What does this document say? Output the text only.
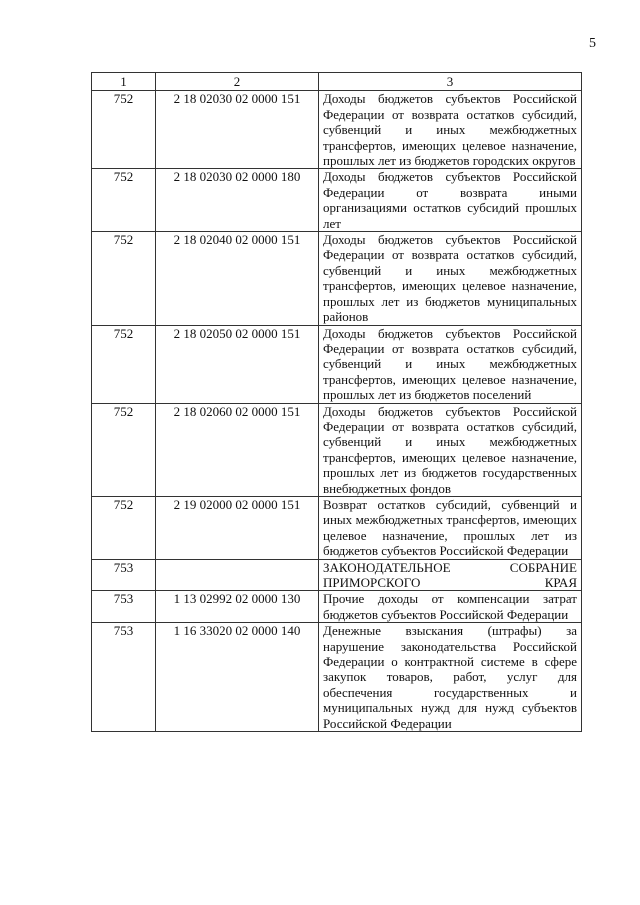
5
1	2	3
752	2 18 02030 02 0000 151	Доходы бюджетов субъектов Российской Федерации от возврата остатков субсидий, субвенций и иных межбюджетных трансфертов, имеющих целевое назначение, прошлых лет из бюджетов городских округов
752	2 18 02030 02 0000 180	Доходы бюджетов субъектов Российской Федерации от возврата иными организациями остатков субсидий прошлых лет
752	2 18 02040 02 0000 151	Доходы бюджетов субъектов Российской Федерации от возврата остатков субсидий, субвенций и иных межбюджетных трансфертов, имеющих целевое назначение, прошлых лет из бюджетов муниципальных районов
752	2 18 02050 02 0000 151	Доходы бюджетов субъектов Российской Федерации от возврата остатков субсидий, субвенций и иных межбюджетных трансфертов, имеющих целевое назначение, прошлых лет из бюджетов поселений
752	2 18 02060 02 0000 151	Доходы бюджетов субъектов Российской Федерации от возврата остатков субсидий, субвенций и иных межбюджетных трансфертов, имеющих целевое назначение, прошлых лет из бюджетов государственных внебюджетных фондов
752	2 19 02000 02 0000 151	Возврат остатков субсидий, субвенций и иных межбюджетных трансфертов, имеющих целевое назначение, прошлых лет из бюджетов субъектов Российской Федерации
753		ЗАКОНОДАТЕЛЬНОЕ СОБРАНИЕ ПРИМОРСКОГО КРАЯ
753	1 13 02992 02 0000 130	Прочие доходы от компенсации затрат бюджетов субъектов Российской Федерации
753	1 16 33020 02 0000 140	Денежные взыскания (штрафы) за нарушение законодательства Российской Федерации о контрактной системе в сфере закупок товаров, работ, услуг для обеспечения государственных и муниципальных нужд для нужд субъектов Российской Федерации
